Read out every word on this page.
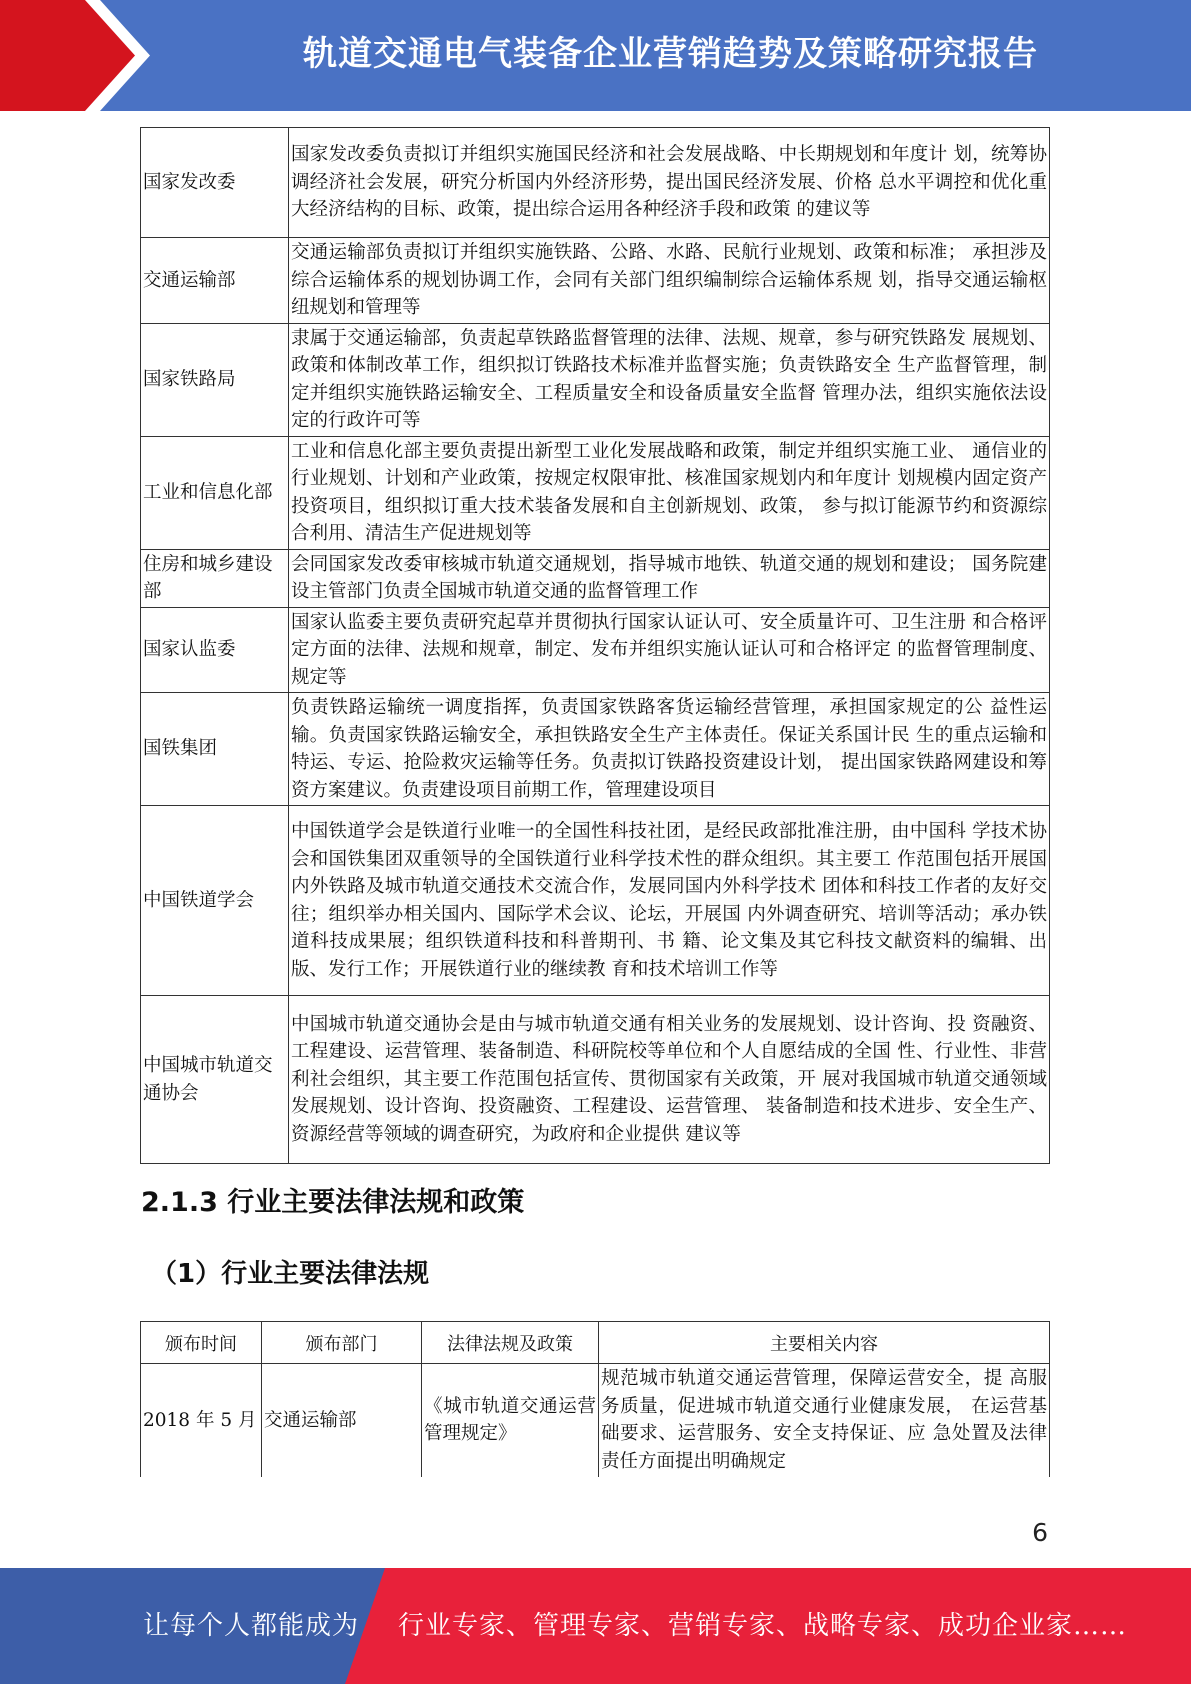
轨道交通电气装备企业营销趋势及策略研究报告
国家发改委	国家发改委负责拟订并组织实施国民经济和社会发展战略、中长期规划和年度计 划，统筹协调经济社会发展，研究分析国内外经济形势，提出国民经济发展、价格 总水平调控和优化重大经济结构的目标、政策，提出综合运用各种经济手段和政策 的建议等
交通运输部	交通运输部负责拟订并组织实施铁路、公路、水路、民航行业规划、政策和标准； 承担涉及综合运输体系的规划协调工作，会同有关部门组织编制综合运输体系规 划，指导交通运输枢纽规划和管理等
国家铁路局	隶属于交通运输部，负责起草铁路监督管理的法律、法规、规章，参与研究铁路发 展规划、政策和体制改革工作，组织拟订铁路技术标准并监督实施；负责铁路安全 生产监督管理，制定并组织实施铁路运输安全、工程质量安全和设备质量安全监督 管理办法，组织实施依法设定的行政许可等
工业和信息化部	工业和信息化部主要负责提出新型工业化发展战略和政策，制定并组织实施工业、 通信业的行业规划、计划和产业政策，按规定权限审批、核准国家规划内和年度计 划规模内固定资产投资项目，组织拟订重大技术装备发展和自主创新规划、政策， 参与拟订能源节约和资源综合利用、清洁生产促进规划等
住房和城乡建设部	会同国家发改委审核城市轨道交通规划，指导城市地铁、轨道交通的规划和建设； 国务院建设主管部门负责全国城市轨道交通的监督管理工作
国家认监委	国家认监委主要负责研究起草并贯彻执行国家认证认可、安全质量许可、卫生注册 和合格评定方面的法律、法规和规章，制定、发布并组织实施认证认可和合格评定 的监督管理制度、规定等
国铁集团	负责铁路运输统一调度指挥，负责国家铁路客货运输经营管理，承担国家规定的公 益性运输。负责国家铁路运输安全，承担铁路安全生产主体责任。保证关系国计民 生的重点运输和特运、专运、抢险救灾运输等任务。负责拟订铁路投资建设计划， 提出国家铁路网建设和筹资方案建议。负责建设项目前期工作，管理建设项目
中国铁道学会	中国铁道学会是铁道行业唯一的全国性科技社团，是经民政部批准注册，由中国科 学技术协会和国铁集团双重领导的全国铁道行业科学技术性的群众组织。其主要工 作范围包括开展国内外铁路及城市轨道交通技术交流合作，发展同国内外科学技术 团体和科技工作者的友好交往；组织举办相关国内、国际学术会议、论坛，开展国 内外调查研究、培训等活动；承办铁道科技成果展；组织铁道科技和科普期刊、书 籍、论文集及其它科技文献资料的编辑、出版、发行工作；开展铁道行业的继续教 育和技术培训工作等
中国城市轨道交通协会	中国城市轨道交通协会是由与城市轨道交通有相关业务的发展规划、设计咨询、投 资融资、工程建设、运营管理、装备制造、科研院校等单位和个人自愿结成的全国 性、行业性、非营利社会组织，其主要工作范围包括宣传、贯彻国家有关政策，开 展对我国城市轨道交通领域发展规划、设计咨询、投资融资、工程建设、运营管理、 装备制造和技术进步、安全生产、资源经营等领域的调查研究，为政府和企业提供 建议等
2.1.3 行业主要法律法规和政策
（1）行业主要法律法规
颁布时间	颁布部门	法律法规及政策	主要相关内容
2018 年 5 月	交通运输部	《城市轨道交通运营管理规定》	规范城市轨道交通运营管理，保障运营安全，提 高服务质量，促进城市轨道交通行业健康发展， 在运营基础要求、运营服务、安全支持保证、应 急处置及法律责任方面提出明确规定
6
让每个人都能成为 行业专家、管理专家、营销专家、战略专家、成功企业家……
